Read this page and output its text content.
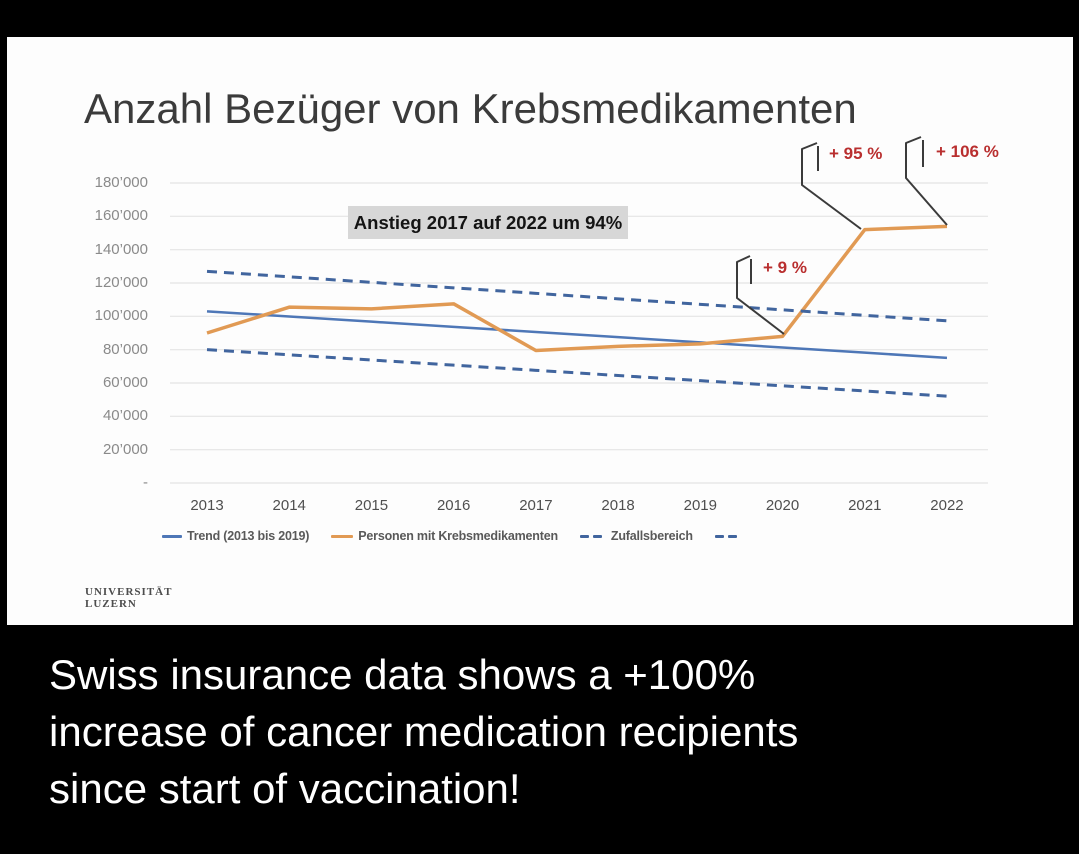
Anzahl Bezüger von Krebsmedikamenten
180’000
160’000
140’000
120’000
100’000
80’000
60’000
40’000
20’000
-
2013	2014	2015	2016	2017	2018	2019	2020	2021	2022
Anstieg 2017 auf 2022 um 94%
+ 9 %
+ 95 %	+ 106 %
Trend (2013 bis 2019)	Personen mit Krebsmedikamenten	Zufallsbereich
UNIVERSITÄT
LUZERN
Swiss insurance data shows a +100%
increase of cancer medication recipients
since start of vaccination!
